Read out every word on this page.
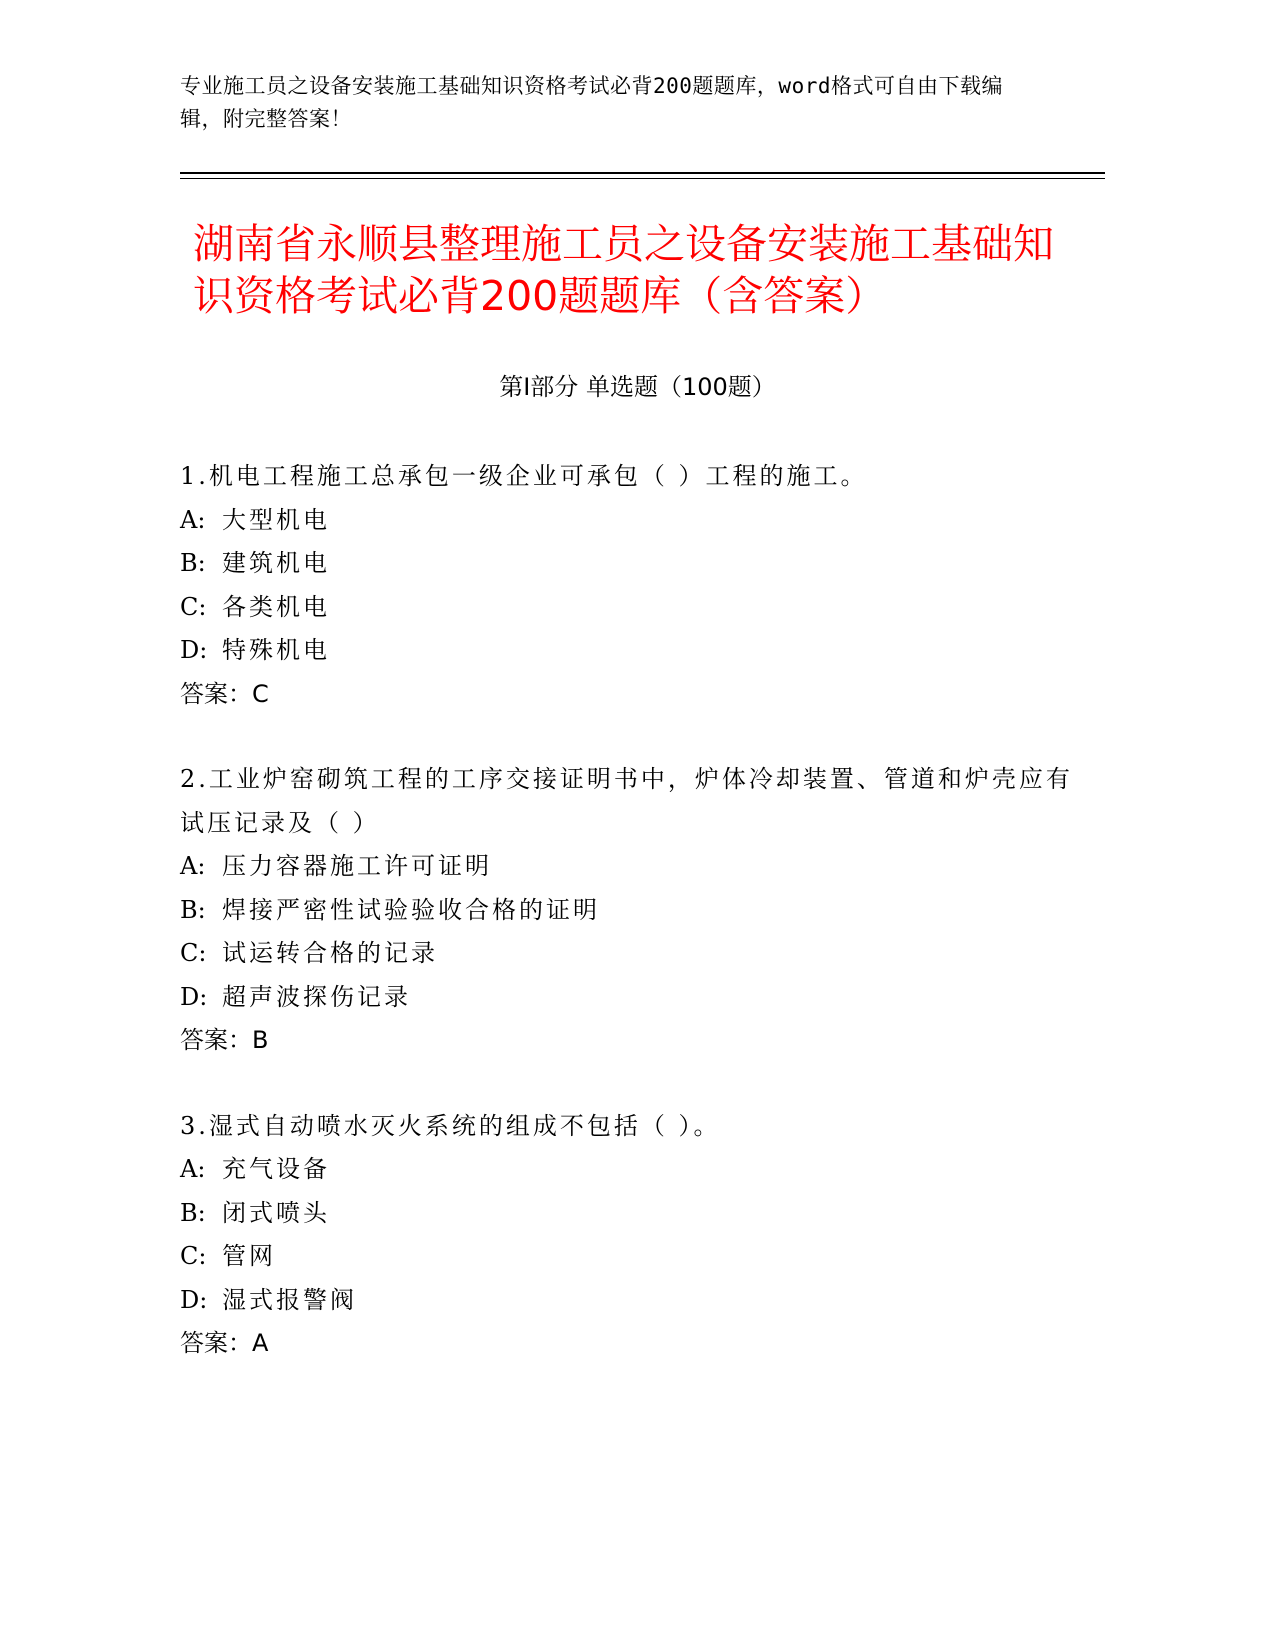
专业施工员之设备安装施工基础知识资格考试必背200题题库，word格式可自由下载编辑，附完整答案！
湖南省永顺县整理施工员之设备安装施工基础知识资格考试必背200题题库（含答案）
第Ⅰ部分 单选题（100题）
1.机电工程施工总承包一级企业可承包（ ）工程的施工。
A: 大型机电
B: 建筑机电
C: 各类机电
D: 特殊机电
答案：C
2.工业炉窑砌筑工程的工序交接证明书中，炉体冷却装置、管道和炉壳应有试压记录及（ ）
A: 压力容器施工许可证明
B: 焊接严密性试验验收合格的证明
C: 试运转合格的记录
D: 超声波探伤记录
答案：B
3.湿式自动喷水灭火系统的组成不包括（ ）。
A: 充气设备
B: 闭式喷头
C: 管网
D: 湿式报警阀
答案：A
